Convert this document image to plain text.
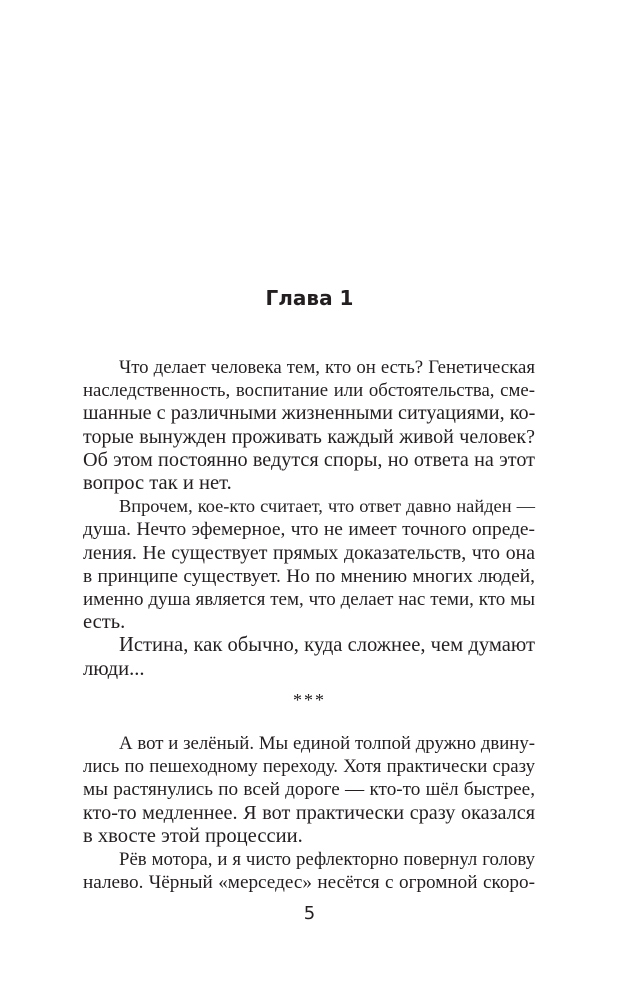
Глава 1

Что делает человека тем, кто он есть? Генетическая
наследственность, воспитание или обстоятельства, сме-
шанные с различными жизненными ситуациями, ко-
торые вынужден проживать каждый живой человек?
Об этом постоянно ведутся споры, но ответа на этот
вопрос так и нет.

Впрочем, кое-кто считает, что ответ давно найден —
душа. Нечто эфемерное, что не имеет точного опреде-
ления. Не существует прямых доказательств, что она
в принципе существует. Но по мнению многих людей,
именно душа является тем, что делает нас теми, кто мы
есть.

Истина, как обычно, куда сложнее, чем думают
люди...

***

А вот и зелёный. Мы единой толпой дружно двину-
лись по пешеходному переходу. Хотя практически сразу
мы растянулись по всей дороге — кто-то шёл быстрее,
кто-то медленнее. Я вот практически сразу оказался
в хвосте этой процессии.

Рёв мотора, и я чисто рефлекторно повернул голову
налево. Чёрный «мерседес» несётся с огромной скоро-

5
